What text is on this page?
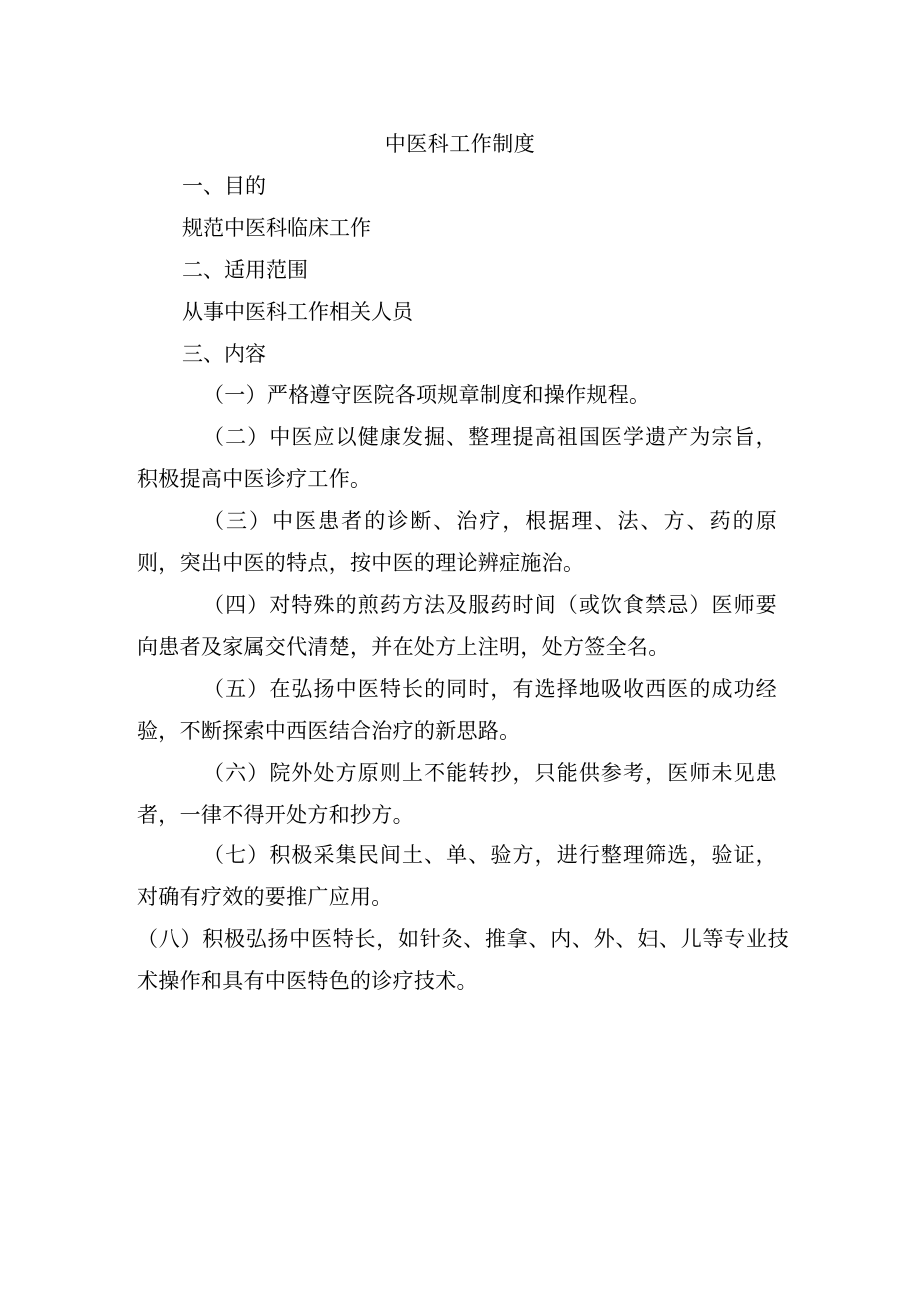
中医科工作制度
一、目的
规范中医科临床工作
二、适用范围
从事中医科工作相关人员
三、内容
（一）严格遵守医院各项规章制度和操作规程。
（二）中医应以健康发掘、整理提高祖国医学遗产为宗旨，积极提高中医诊疗工作。
（三）中医患者的诊断、治疗，根据理、法、方、药的原则，突出中医的特点，按中医的理论辨症施治。
（四）对特殊的煎药方法及服药时间（或饮食禁忌）医师要向患者及家属交代清楚，并在处方上注明，处方签全名。
（五）在弘扬中医特长的同时，有选择地吸收西医的成功经验，不断探索中西医结合治疗的新思路。
（六）院外处方原则上不能转抄，只能供参考，医师未见患者，一律不得开处方和抄方。
（七）积极采集民间土、单、验方，进行整理筛选，验证，对确有疗效的要推广应用。
（八）积极弘扬中医特长，如针灸、推拿、内、外、妇、儿等专业技术操作和具有中医特色的诊疗技术。
